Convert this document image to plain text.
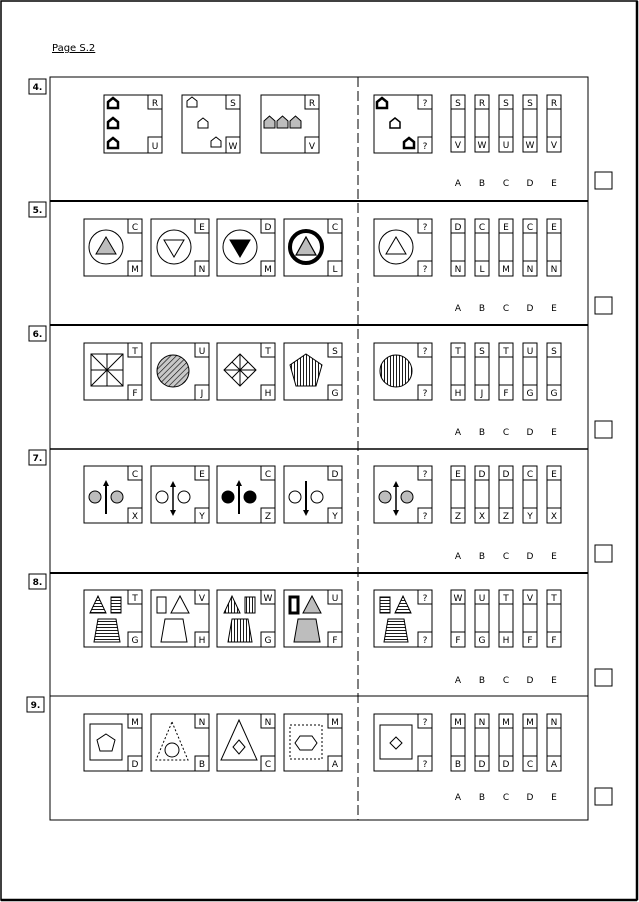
Page S.2
4.
R
U
S
W
R
V
?
?
S
V
R
W
S
U
S
W
R
V
A B C D E
5.
C
M
E
N
D
M
C
L
?
?
D
N
C
L
E
M
C
N
E
N
A B C D E
6.
T
F
U
J
T
H
S
G
?
?
T
H
S
J
T
F
U
G
S
G
A B C D E
7.
C
X
E
Y
C
Z
D
Y
?
?
E
Z
D
X
D
Z
C
Y
E
X
A B C D E
8.
T
G
V
H
W
G
U
F
?
?
W
F
U
G
T
H
V
F
T
F
A B C D E
9.
M
D
N
B
N
C
M
A
?
?
M
B
N
D
M
D
M
C
N
A
A B C D E
